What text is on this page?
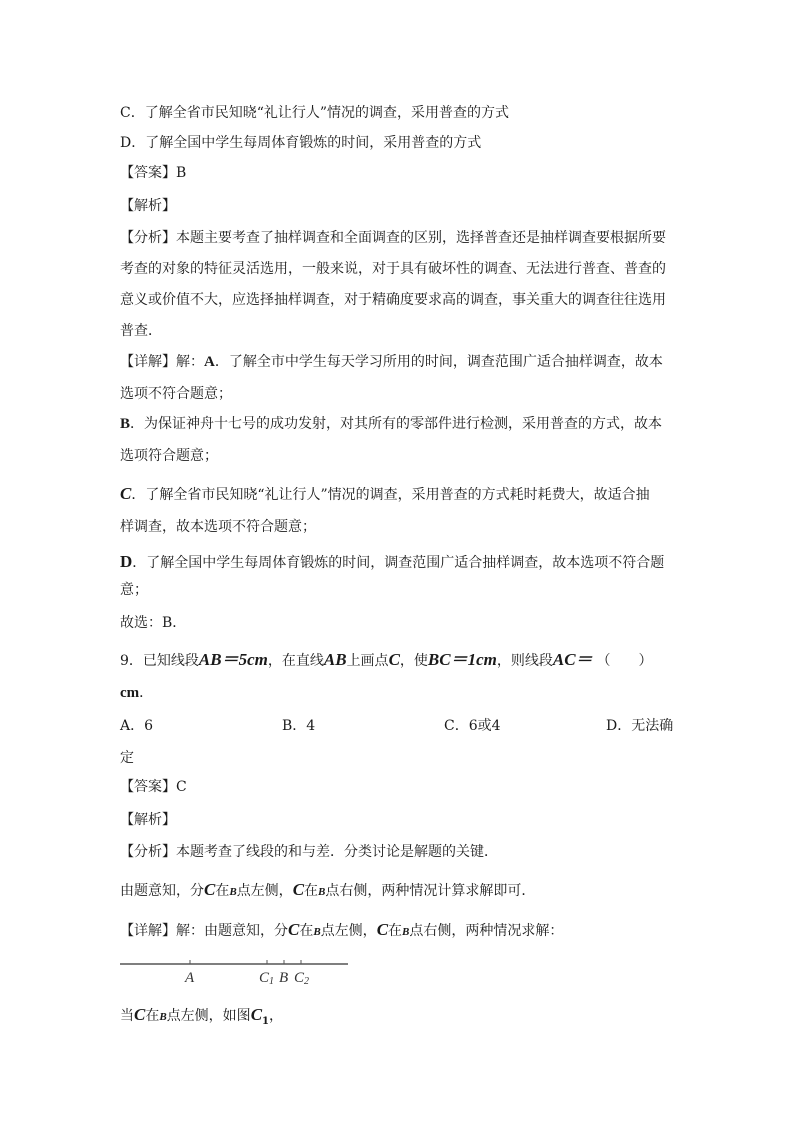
C．了解全省市民知晓“礼让行人”情况的调查，采用普查的方式
D．了解全国中学生每周体育锻炼的时间，采用普查的方式
【答案】B
【解析】
【分析】本题主要考查了抽样调查和全面调查的区别，选择普查还是抽样调查要根据所要
考查的对象的特征灵活选用，一般来说，对于具有破坏性的调查、无法进行普查、普查的
意义或价值不大，应选择抽样调查，对于精确度要求高的调查，事关重大的调查往往选用
普查．
【详解】解：A．了解全市中学生每天学习所用的时间，调查范围广适合抽样调查，故本
选项不符合题意；
B．为保证神舟十七号的成功发射，对其所有的零部件进行检测，采用普查的方式，故本
选项符合题意；
C．了解全省市民知晓“礼让行人”情况的调查，采用普查的方式耗时耗费大，故适合抽
样调查，故本选项不符合题意；
D．了解全国中学生每周体育锻炼的时间，调查范围广适合抽样调查，故本选项不符合题
意；
故选：B．
9．已知线段AB＝5cm，在直线AB上画点C，使BC＝1cm，则线段AC＝ （　　）
cm．
A．6	B．4	C．6或4	D．无法确
定
【答案】C
【解析】
【分析】本题考查了线段的和与差．分类讨论是解题的关键．
由题意知，分C在B点左侧，C在B点右侧，两种情况计算求解即可．
【详解】解：由题意知，分C在B点左侧，C在B点右侧，两种情况求解：
A	C1 B C2
当C在B点左侧，如图$C_1$，
